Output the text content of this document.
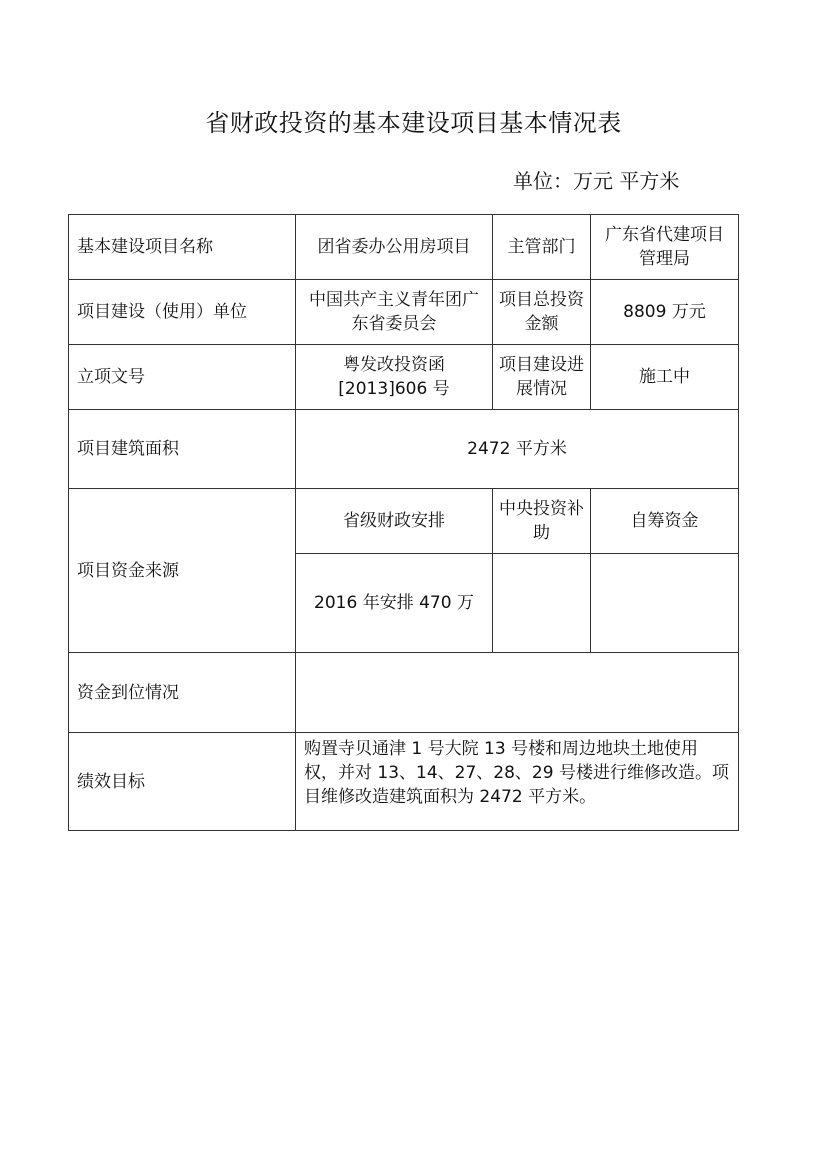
省财政投资的基本建设项目基本情况表
单位：万元 平方米
基本建设项目名称	团省委办公用房项目	主管部门	广东省代建项目管理局
项目建设（使用）单位	中国共产主义青年团广东省委员会	项目总投资金额	8809 万元
立项文号	粤发改投资函[2013]606 号	项目建设进展情况	施工中
项目建筑面积	2472 平方米		
项目资金来源	省级财政安排	中央投资补助	自筹资金
	2016 年安排 470 万		
资金到位情况			
绩效目标	购置寺贝通津 1 号大院 13 号楼和周边地块土地使用权，并对 13、14、27、28、29 号楼进行维修改造。项目维修改造建筑面积为 2472 平方米。		
